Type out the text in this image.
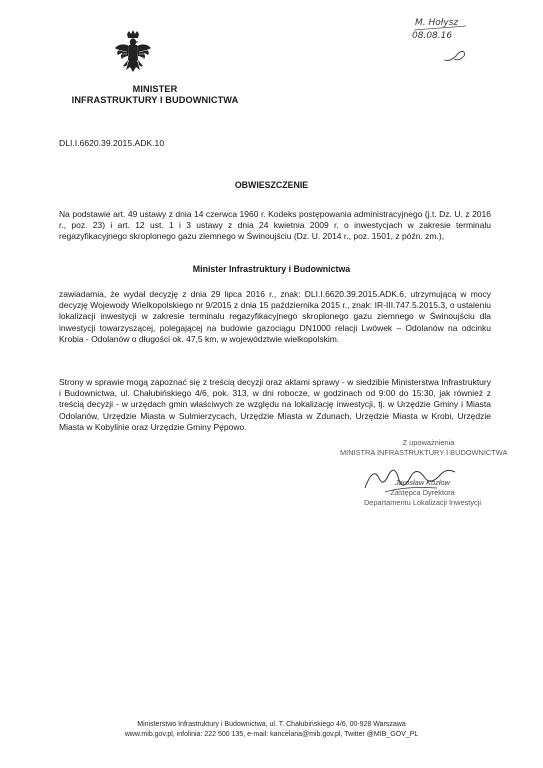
MINISTER
INFRASTRUKTURY I BUDOWNICTWA
M. Hołysz
08.08.16
DLI.I.6620.39.2015.ADK.10
OBWIESZCZENIE
Na podstawie art. 49 ustawy z dnia 14 czerwca 1960 r. Kodeks postępowania administracyjnego (j.t. Dz. U. z 2016 r., poz. 23) i art. 12 ust. 1 i 3 ustawy z dnia 24 kwietnia 2009 r. o inwestycjach w zakresie terminalu regazyfikacyjnego skroplonego gazu ziemnego w Świnoujściu (Dz. U. 2014 r., poz. 1501, z późn. zm.),
Minister Infrastruktury i Budownictwa
zawiadamia, że wydał decyzję z dnia 29 lipca 2016 r., znak: DLI.I.6620.39.2015.ADK.6, utrzymującą w mocy decyzję Wojewody Wielkopolskiego nr 9/2015 z dnia 15 października 2015 r., znak: IR-III.747.5.2015.3, o ustaleniu lokalizacji inwestycji w zakresie terminalu regazyfikacyjnego skroplonego gazu ziemnego w Świnoujściu dla inwestycji towarzyszącej, polegającej na budowie gazociągu DN1000 relacji Lwówek – Odolanów na odcinku Krobia - Odolanów o długości ok. 47,5 km, w województwie wielkopolskim.
Strony w sprawie mogą zapoznać się z treścią decyzji oraz aktami sprawy - w siedzibie Ministerstwa Infrastruktury i Budownictwa, ul. Chałubińskiego 4/6, pok. 313, w dni robocze, w godzinach od 9:00 do 15:30, jak również z treścią decyzji - w urzędach gmin właściwych ze względu na lokalizację inwestycji, tj. w Urzędzie Gminy i Miasta Odolanów, Urzędzie Miasta w Sulmierzycach, Urzędzie Miasta w Zdunach, Urzędzie Miasta w Krobi, Urzędzie Miasta w Kobylinie oraz Urzędzie Gminy Pępowo.
Z upoważnienia
MINISTRA INFRASTRUKTURY I BUDOWNICTWA
Jarosław Kozłow
Zastępca Dyrektora
Departamentu Lokalizacji Inwestycji
Ministerstwo Infrastruktury i Budownictwa, ul. T. Chałubińskiego 4/6, 00-928 Warszawa
www.mib.gov.pl, infolinia: 222 500 135, e-mail: kancelaria@mib.gov.pl, Twitter @MIB_GOV_PL
